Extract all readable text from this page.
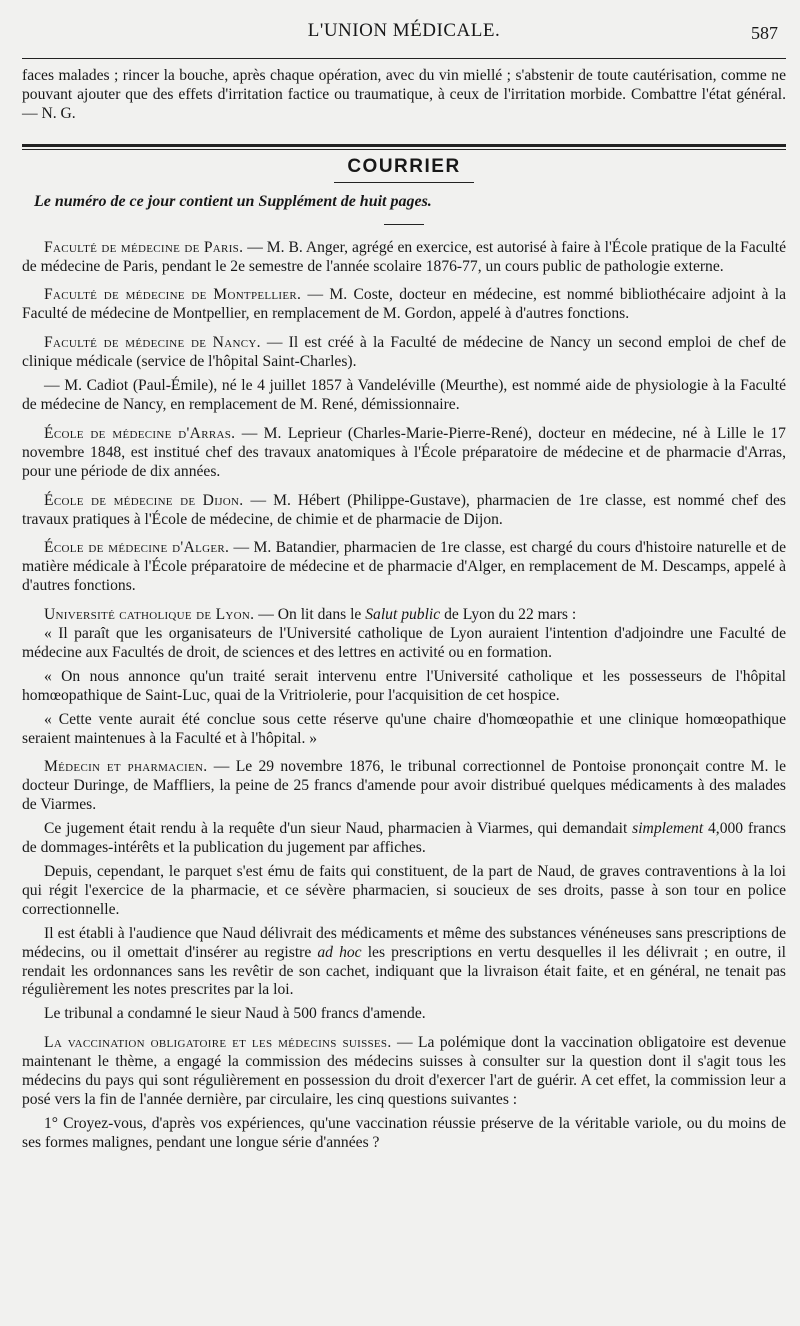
L'UNION MÉDICALE.	587

faces malades ; rincer la bouche, après chaque opération, avec du vin miellé ; s'abstenir de toute cautérisation, comme ne pouvant ajouter que des effets d'irritation factice ou traumatique, à ceux de l'irritation morbide. Combattre l'état général. — N. G.

COURRIER

Le numéro de ce jour contient un Supplément de huit pages.

Faculté de médecine de Paris. — M. B. Anger, agrégé en exercice, est autorisé à faire à l'École pratique de la Faculté de médecine de Paris, pendant le 2e semestre de l'année scolaire 1876-77, un cours public de pathologie externe.

Faculté de médecine de Montpellier. — M. Coste, docteur en médecine, est nommé bibliothécaire adjoint à la Faculté de médecine de Montpellier, en remplacement de M. Gordon, appelé à d'autres fonctions.

Faculté de médecine de Nancy. — Il est créé à la Faculté de médecine de Nancy un second emploi de chef de clinique médicale (service de l'hôpital Saint-Charles).

— M. Cadiot (Paul-Émile), né le 4 juillet 1857 à Vandeléville (Meurthe), est nommé aide de physiologie à la Faculté de médecine de Nancy, en remplacement de M. René, démissionnaire.

École de médecine d'Arras. — M. Leprieur (Charles-Marie-Pierre-René), docteur en médecine, né à Lille le 17 novembre 1848, est institué chef des travaux anatomiques à l'École préparatoire de médecine et de pharmacie d'Arras, pour une période de dix années.

École de médecine de Dijon. — M. Hébert (Philippe-Gustave), pharmacien de 1re classe, est nommé chef des travaux pratiques à l'École de médecine, de chimie et de pharmacie de Dijon.

École de médecine d'Alger. — M. Batandier, pharmacien de 1re classe, est chargé du cours d'histoire naturelle et de matière médicale à l'École préparatoire de médecine et de pharmacie d'Alger, en remplacement de M. Descamps, appelé à d'autres fonctions.

Université catholique de Lyon. — On lit dans le Salut public de Lyon du 22 mars :

« Il paraît que les organisateurs de l'Université catholique de Lyon auraient l'intention d'adjoindre une Faculté de médecine aux Facultés de droit, de sciences et des lettres en activité ou en formation.

« On nous annonce qu'un traité serait intervenu entre l'Université catholique et les possesseurs de l'hôpital homœopathique de Saint-Luc, quai de la Vritriolerie, pour l'acquisition de cet hospice.

« Cette vente aurait été conclue sous cette réserve qu'une chaire d'homœopathie et une clinique homœopathique seraient maintenues à la Faculté et à l'hôpital. »

Médecin et pharmacien. — Le 29 novembre 1876, le tribunal correctionnel de Pontoise prononçait contre M. le docteur Duringe, de Maffliers, la peine de 25 francs d'amende pour avoir distribué quelques médicaments à des malades de Viarmes.

Ce jugement était rendu à la requête d'un sieur Naud, pharmacien à Viarmes, qui demandait simplement 4,000 francs de dommages-intérêts et la publication du jugement par affiches.

Depuis, cependant, le parquet s'est ému de faits qui constituent, de la part de Naud, de graves contraventions à la loi qui régit l'exercice de la pharmacie, et ce sévère pharmacien, si soucieux de ses droits, passe à son tour en police correctionnelle.

Il est établi à l'audience que Naud délivrait des médicaments et même des substances vénéneuses sans prescriptions de médecins, ou il omettait d'insérer au registre ad hoc les prescriptions en vertu desquelles il les délivrait ; en outre, il rendait les ordonnances sans les revêtir de son cachet, indiquant que la livraison était faite, et en général, ne tenait pas régulièrement les notes prescrites par la loi.

Le tribunal a condamné le sieur Naud à 500 francs d'amende.

La vaccination obligatoire et les médecins suisses. — La polémique dont la vaccination obligatoire est devenue maintenant le thème, a engagé la commission des médecins suisses à consulter sur la question dont il s'agit tous les médecins du pays qui sont régulièrement en possession du droit d'exercer l'art de guérir. A cet effet, la commission leur a posé vers la fin de l'année dernière, par circulaire, les cinq questions suivantes :

1° Croyez-vous, d'après vos expériences, qu'une vaccination réussie préserve de la véritable variole, ou du moins de ses formes malignes, pendant une longue série d'années ?
